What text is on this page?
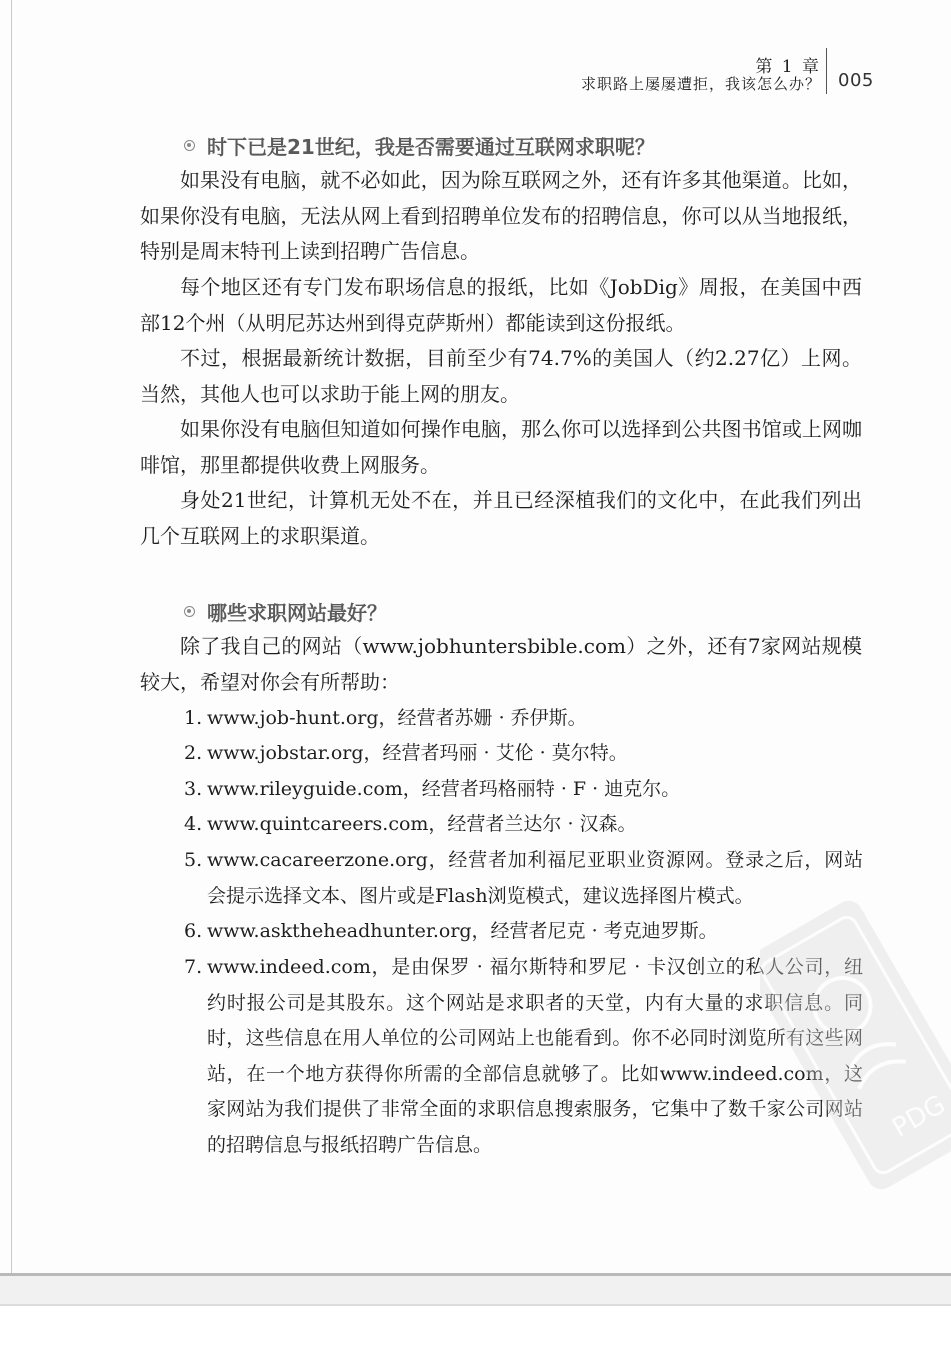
第 1 章
求职路上屡屡遭拒，我该怎么办？ 005
时下已是21世纪，我是否需要通过互联网求职呢？

如果没有电脑，就不必如此，因为除互联网之外，还有许多其他渠道。比如，如果你没有电脑，无法从网上看到招聘单位发布的招聘信息，你可以从当地报纸，特别是周末特刊上读到招聘广告信息。

每个地区还有专门发布职场信息的报纸，比如《JobDig》周报，在美国中西部12个州（从明尼苏达州到得克萨斯州）都能读到这份报纸。

不过，根据最新统计数据，目前至少有74.7%的美国人（约2.27亿）上网。当然，其他人也可以求助于能上网的朋友。

如果你没有电脑但知道如何操作电脑，那么你可以选择到公共图书馆或上网咖啡馆，那里都提供收费上网服务。

身处21世纪，计算机无处不在，并且已经深植我们的文化中，在此我们列出几个互联网上的求职渠道。

哪些求职网站最好？

除了我自己的网站（www.jobhuntersbible.com）之外，还有7家网站规模较大，希望对你会有所帮助：

1. www.job-hunt.org，经营者苏姗 · 乔伊斯。

2. www.jobstar.org，经营者玛丽 · 艾伦 · 莫尔特。

3. www.rileyguide.com，经营者玛格丽特 · F · 迪克尔。

4. www.quintcareers.com，经营者兰达尔 · 汉森。

5. www.cacareerzone.org，经营者加利福尼亚职业资源网。登录之后，网站会提示选择文本、图片或是Flash浏览模式，建议选择图片模式。

6. www.asktheheadhunter.org，经营者尼克 · 考克迪罗斯。

7. www.indeed.com，是由保罗 · 福尔斯特和罗尼 · 卡汉创立的私人公司，纽约时报公司是其股东。这个网站是求职者的天堂，内有大量的求职信息。同时，这些信息在用人单位的公司网站上也能看到。你不必同时浏览所有这些网站，在一个地方获得你所需的全部信息就够了。比如www.indeed.com，这家网站为我们提供了非常全面的求职信息搜索服务，它集中了数千家公司网站的招聘信息与报纸招聘广告信息。

PDG
